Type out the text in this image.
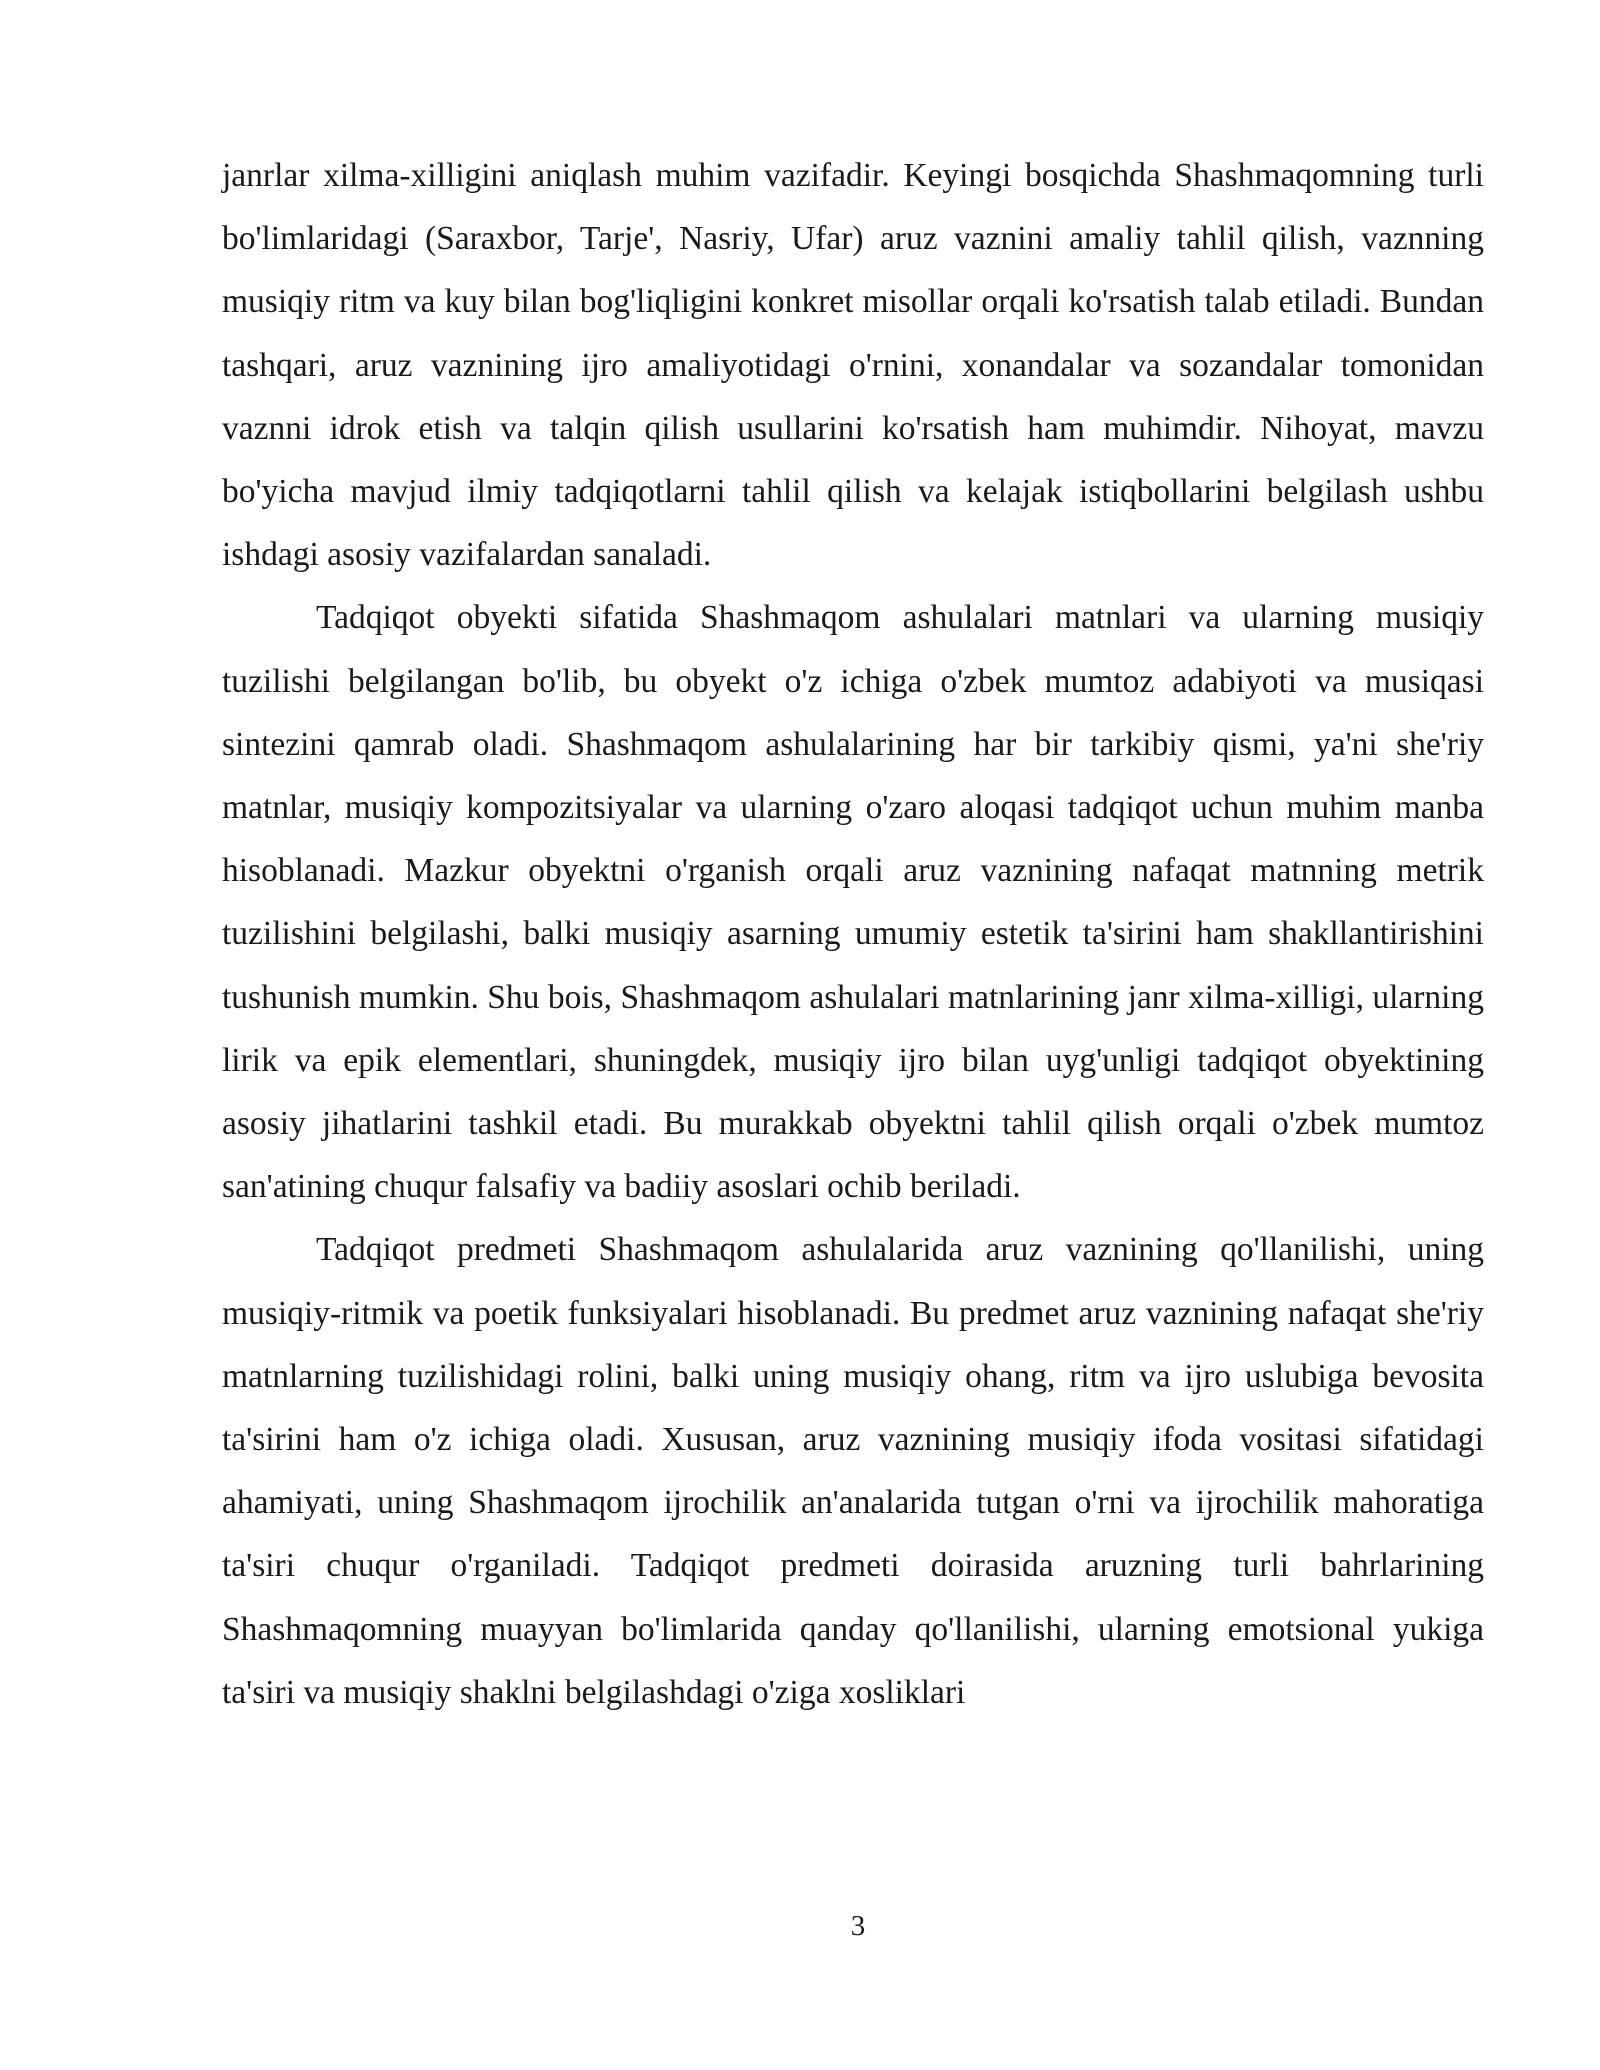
janrlar xilma-xilligini aniqlash muhim vazifadir. Keyingi bosqichda Shashmaqomning turli bo'limlaridagi (Saraxbor, Tarje', Nasriy, Ufar) aruz vaznini amaliy tahlil qilish, vaznning musiqiy ritm va kuy bilan bog'liqligini konkret misollar orqali ko'rsatish talab etiladi. Bundan tashqari, aruz vaznining ijro amaliyotidagi o'rnini, xonandalar va sozandalar tomonidan vaznni idrok etish va talqin qilish usullarini ko'rsatish ham muhimdir. Nihoyat, mavzu bo'yicha mavjud ilmiy tadqiqotlarni tahlil qilish va kelajak istiqbollarini belgilash ushbu ishdagi asosiy vazifalardan sanaladi.

Tadqiqot obyekti sifatida Shashmaqom ashulalari matnlari va ularning musiqiy tuzilishi belgilangan bo'lib, bu obyekt o'z ichiga o'zbek mumtoz adabiyoti va musiqasi sintezini qamrab oladi. Shashmaqom ashulalarining har bir tarkibiy qismi, ya'ni she'riy matnlar, musiqiy kompozitsiyalar va ularning o'zaro aloqasi tadqiqot uchun muhim manba hisoblanadi. Mazkur obyektni o'rganish orqali aruz vaznining nafaqat matnning metrik tuzilishini belgilashi, balki musiqiy asarning umumiy estetik ta'sirini ham shakllantirishini tushunish mumkin. Shu bois, Shashmaqom ashulalari matnlarining janr xilma-xilligi, ularning lirik va epik elementlari, shuningdek, musiqiy ijro bilan uyg'unligi tadqiqot obyektining asosiy jihatlarini tashkil etadi. Bu murakkab obyektni tahlil qilish orqali o'zbek mumtoz san'atining chuqur falsafiy va badiiy asoslari ochib beriladi.

Tadqiqot predmeti Shashmaqom ashulalarida aruz vaznining qo'llanilishi, uning musiqiy-ritmik va poetik funksiyalari hisoblanadi. Bu predmet aruz vaznining nafaqat she'riy matnlarning tuzilishidagi rolini, balki uning musiqiy ohang, ritm va ijro uslubiga bevosita ta'sirini ham o'z ichiga oladi. Xususan, aruz vaznining musiqiy ifoda vositasi sifatidagi ahamiyati, uning Shashmaqom ijrochilik an'analarida tutgan o'rni va ijrochilik mahoratiga ta'siri chuqur o'rganiladi. Tadqiqot predmeti doirasida aruzning turli bahrlarining Shashmaqomning muayyan bo'limlarida qanday qo'llanilishi, ularning emotsional yukiga ta'siri va musiqiy shaklni belgilashdagi o'ziga xosliklari

3
